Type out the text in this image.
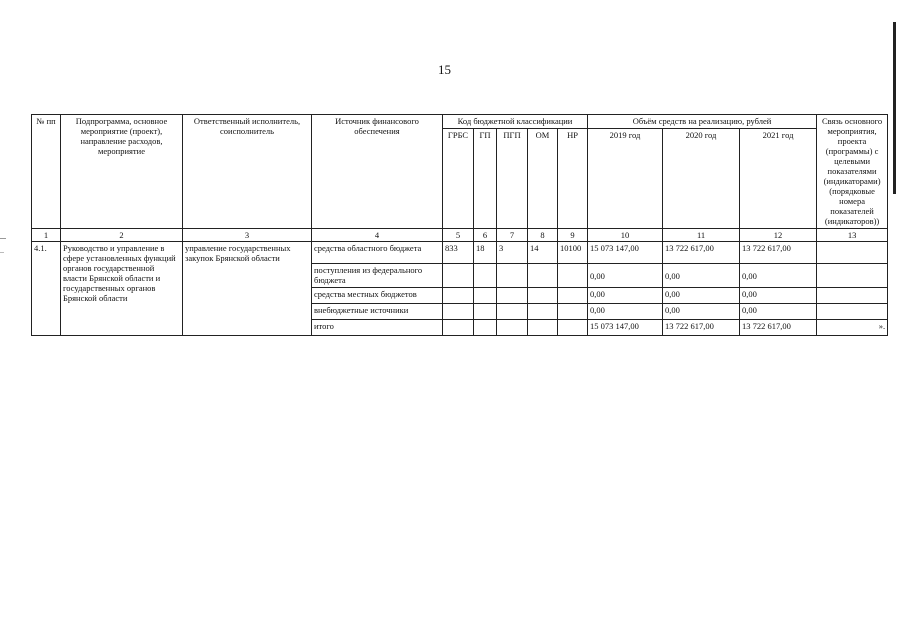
15
№ пп	Подпрограмма, основное мероприятие (проект), направление расходов, мероприятие	Ответственный исполнитель, соисполнитель	Источник финансового обеспечения	Код бюджетной классификации					Объём средств на реализацию, рублей			Связь основного мероприятия, проекта (программы) с целевыми показателями (индикаторами) (порядковые номера показателей (индикаторов))
				ГРБС	ГП	ПГП	ОМ	НР	2019 год	2020 год	2021 год	
1	2	3	4	5	6	7	8	9	10	11	12	13
4.1.	Руководство и управление в сфере установленных функций органов государственной власти Брянской области и государственных органов Брянской области	управление государственных закупок Брянской области	средства областного бюджета	833	18	3	14	10100	15 073 147,00	13 722 617,00	13 722 617,00	
			поступления из федерального бюджета						0,00	0,00	0,00	
			средства местных бюджетов						0,00	0,00	0,00	
			внебюджетные источники						0,00	0,00	0,00	
			итого						15 073 147,00	13 722 617,00	13 722 617,00	».
